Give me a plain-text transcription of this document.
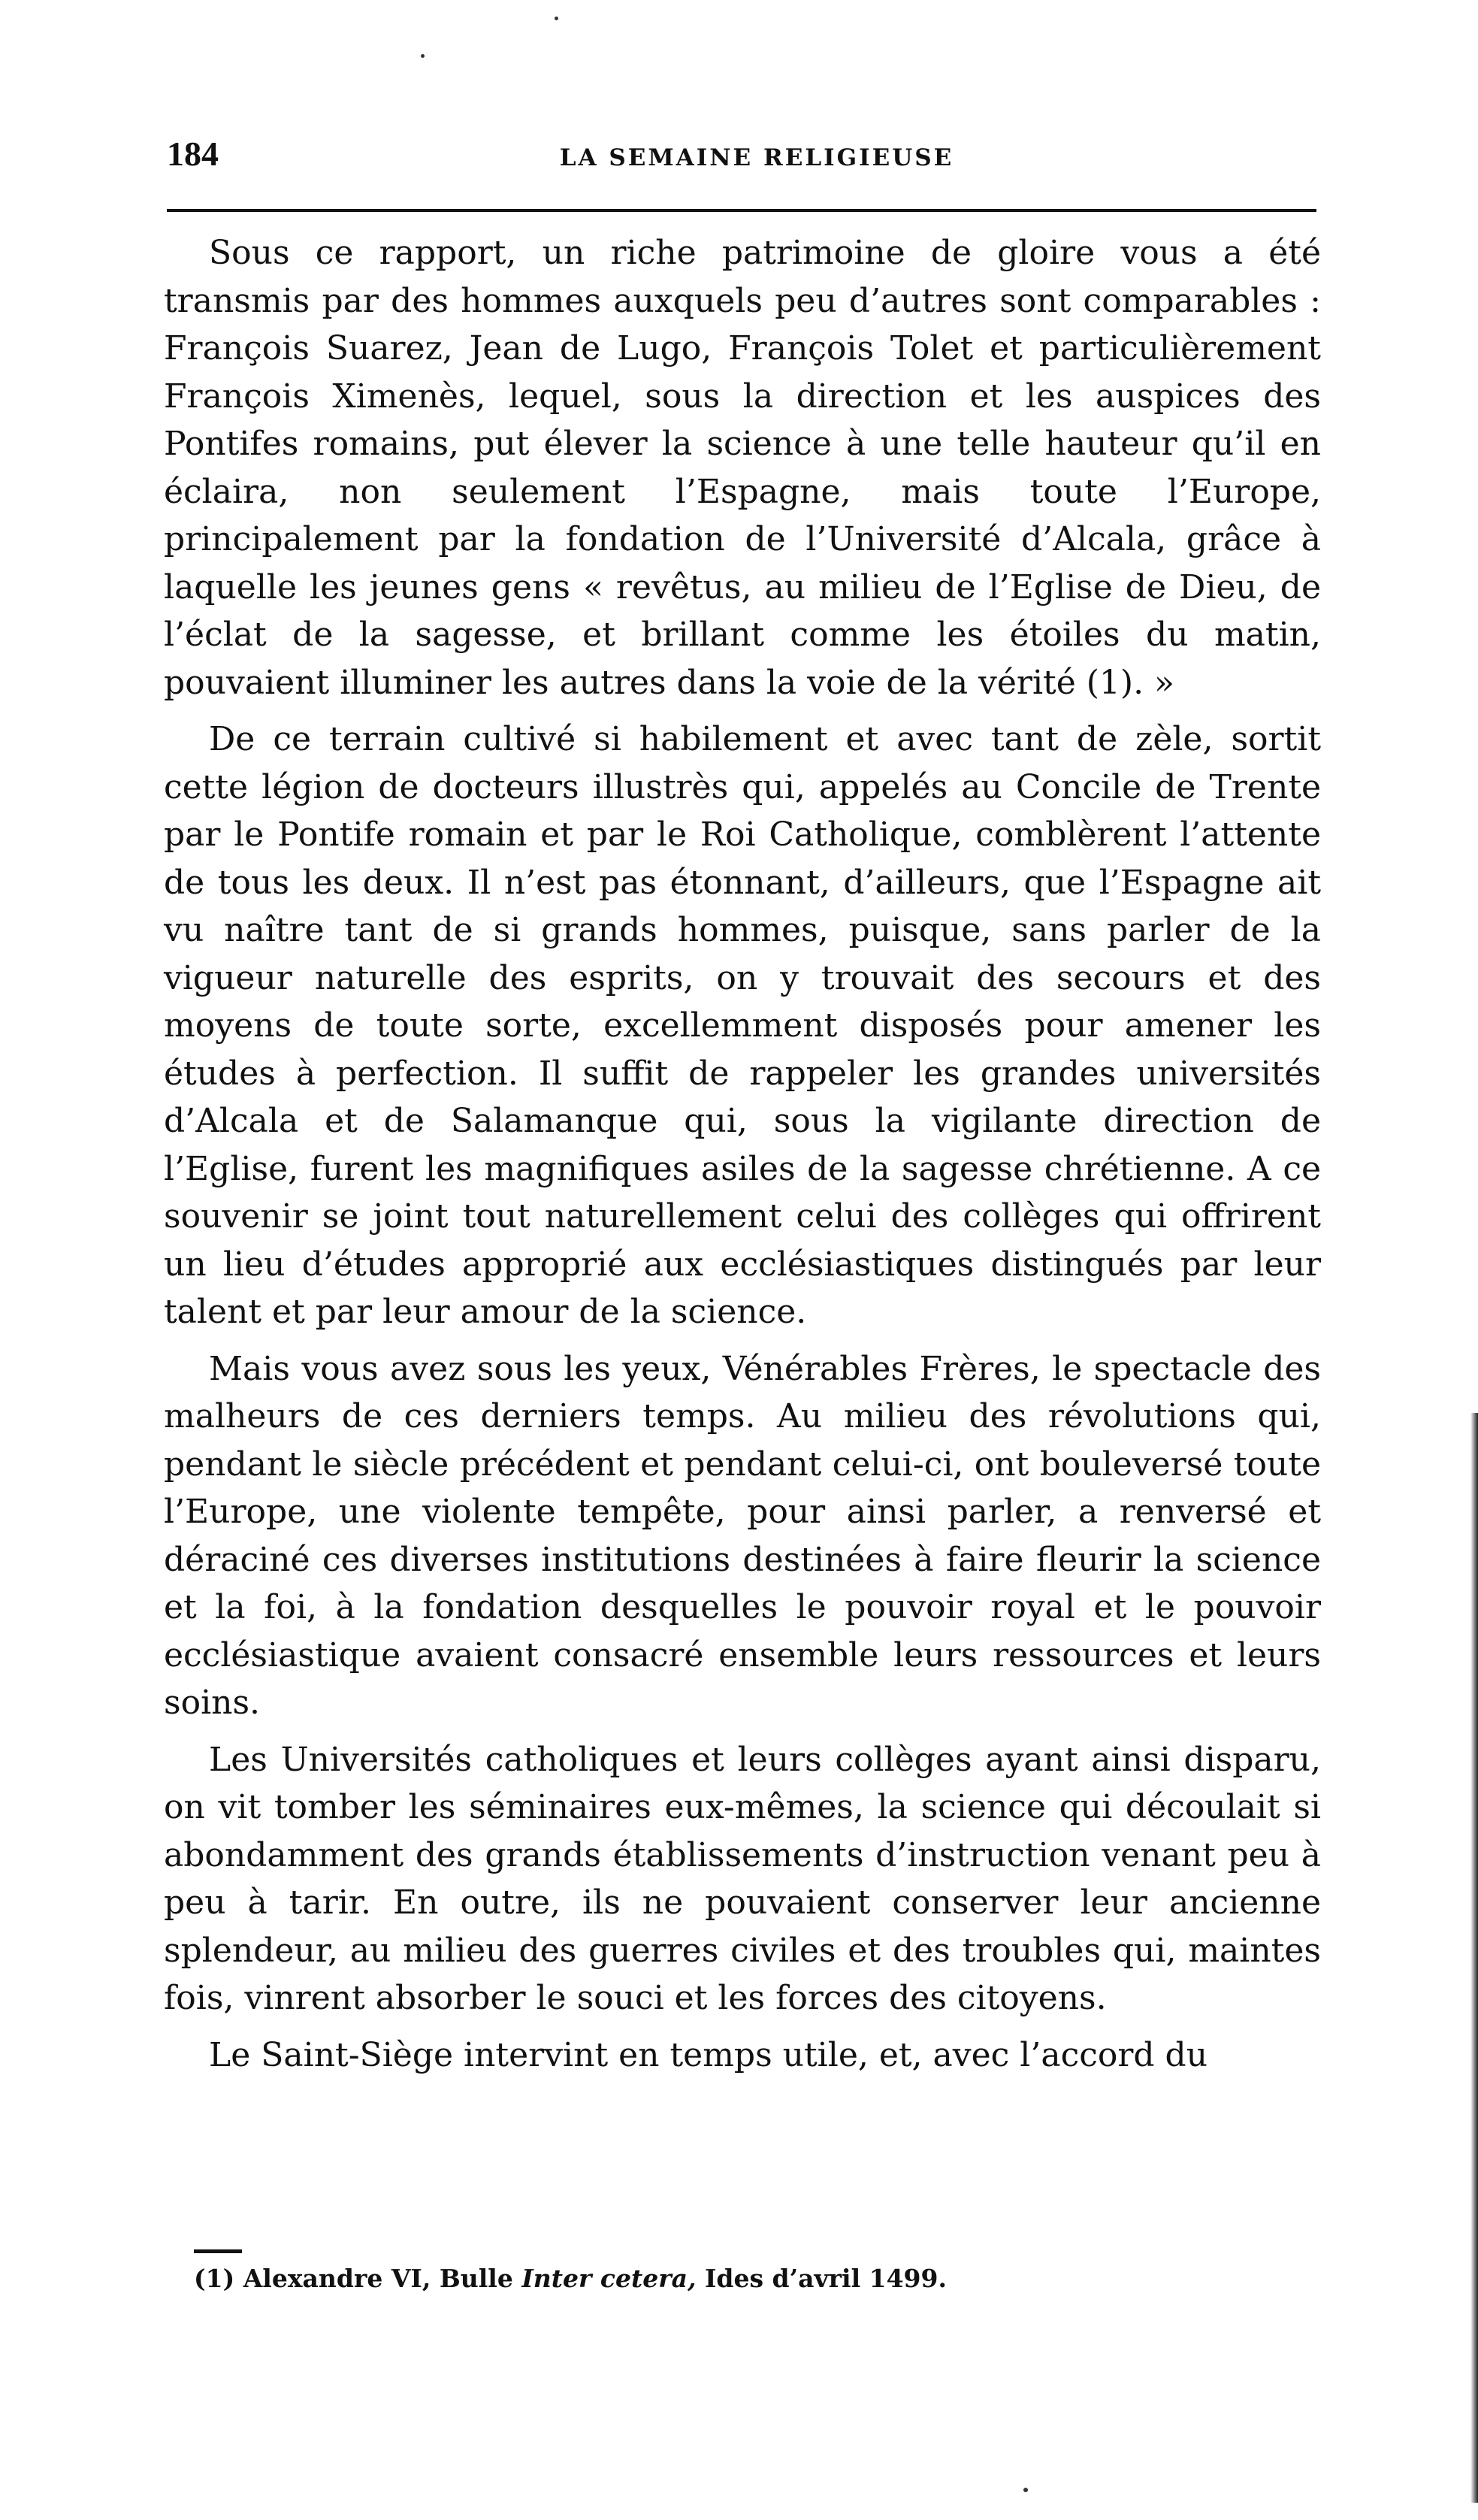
184	LA SEMAINE RELIGIEUSE

Sous ce rapport, un riche patrimoine de gloire vous a été transmis par des hommes auxquels peu d’autres sont comparables : François Suarez, Jean de Lugo, François Tolet et particulièrement François Ximenès, lequel, sous la direction et les auspices des Pontifes romains, put élever la science à une telle hauteur qu’il en éclaira, non seulement l’Espagne, mais toute l’Europe, principalement par la fondation de l’Université d’Alcala, grâce à laquelle les jeunes gens « revêtus, au milieu de l’Eglise de Dieu, de l’éclat de la sagesse, et brillant comme les étoiles du matin, pouvaient illuminer les autres dans la voie de la vérité (1). »

De ce terrain cultivé si habilement et avec tant de zèle, sortit cette légion de docteurs illustrès qui, appelés au Concile de Trente par le Pontife romain et par le Roi Catholique, comblèrent l’attente de tous les deux. Il n’est pas étonnant, d’ailleurs, que l’Espagne ait vu naître tant de si grands hommes, puisque, sans parler de la vigueur naturelle des esprits, on y trouvait des secours et des moyens de toute sorte, excellemment disposés pour amener les études à perfection. Il suffit de rappeler les grandes universités d’Alcala et de Salamanque qui, sous la vigilante direction de l’Eglise, furent les magnifiques asiles de la sagesse chrétienne. A ce souvenir se joint tout naturellement celui des collèges qui offrirent un lieu d’études approprié aux ecclésiastiques distingués par leur talent et par leur amour de la science.

Mais vous avez sous les yeux, Vénérables Frères, le spectacle des malheurs de ces derniers temps. Au milieu des révolutions qui, pendant le siècle précédent et pendant celui-ci, ont bouleversé toute l’Europe, une violente tempête, pour ainsi parler, a renversé et déraciné ces diverses institutions destinées à faire fleurir la science et la foi, à la fondation desquelles le pouvoir royal et le pouvoir ecclésiastique avaient consacré ensemble leurs ressources et leurs soins.

Les Universités catholiques et leurs collèges ayant ainsi disparu, on vit tomber les séminaires eux-mêmes, la science qui découlait si abondamment des grands établissements d’instruction venant peu à peu à tarir. En outre, ils ne pouvaient conserver leur ancienne splendeur, au milieu des guerres civiles et des troubles qui, maintes fois, vinrent absorber le souci et les forces des citoyens.

Le Saint-Siège intervint en temps utile, et, avec l’accord du

(1) Alexandre VI, Bulle Inter cetera, Ides d’avril 1499.
